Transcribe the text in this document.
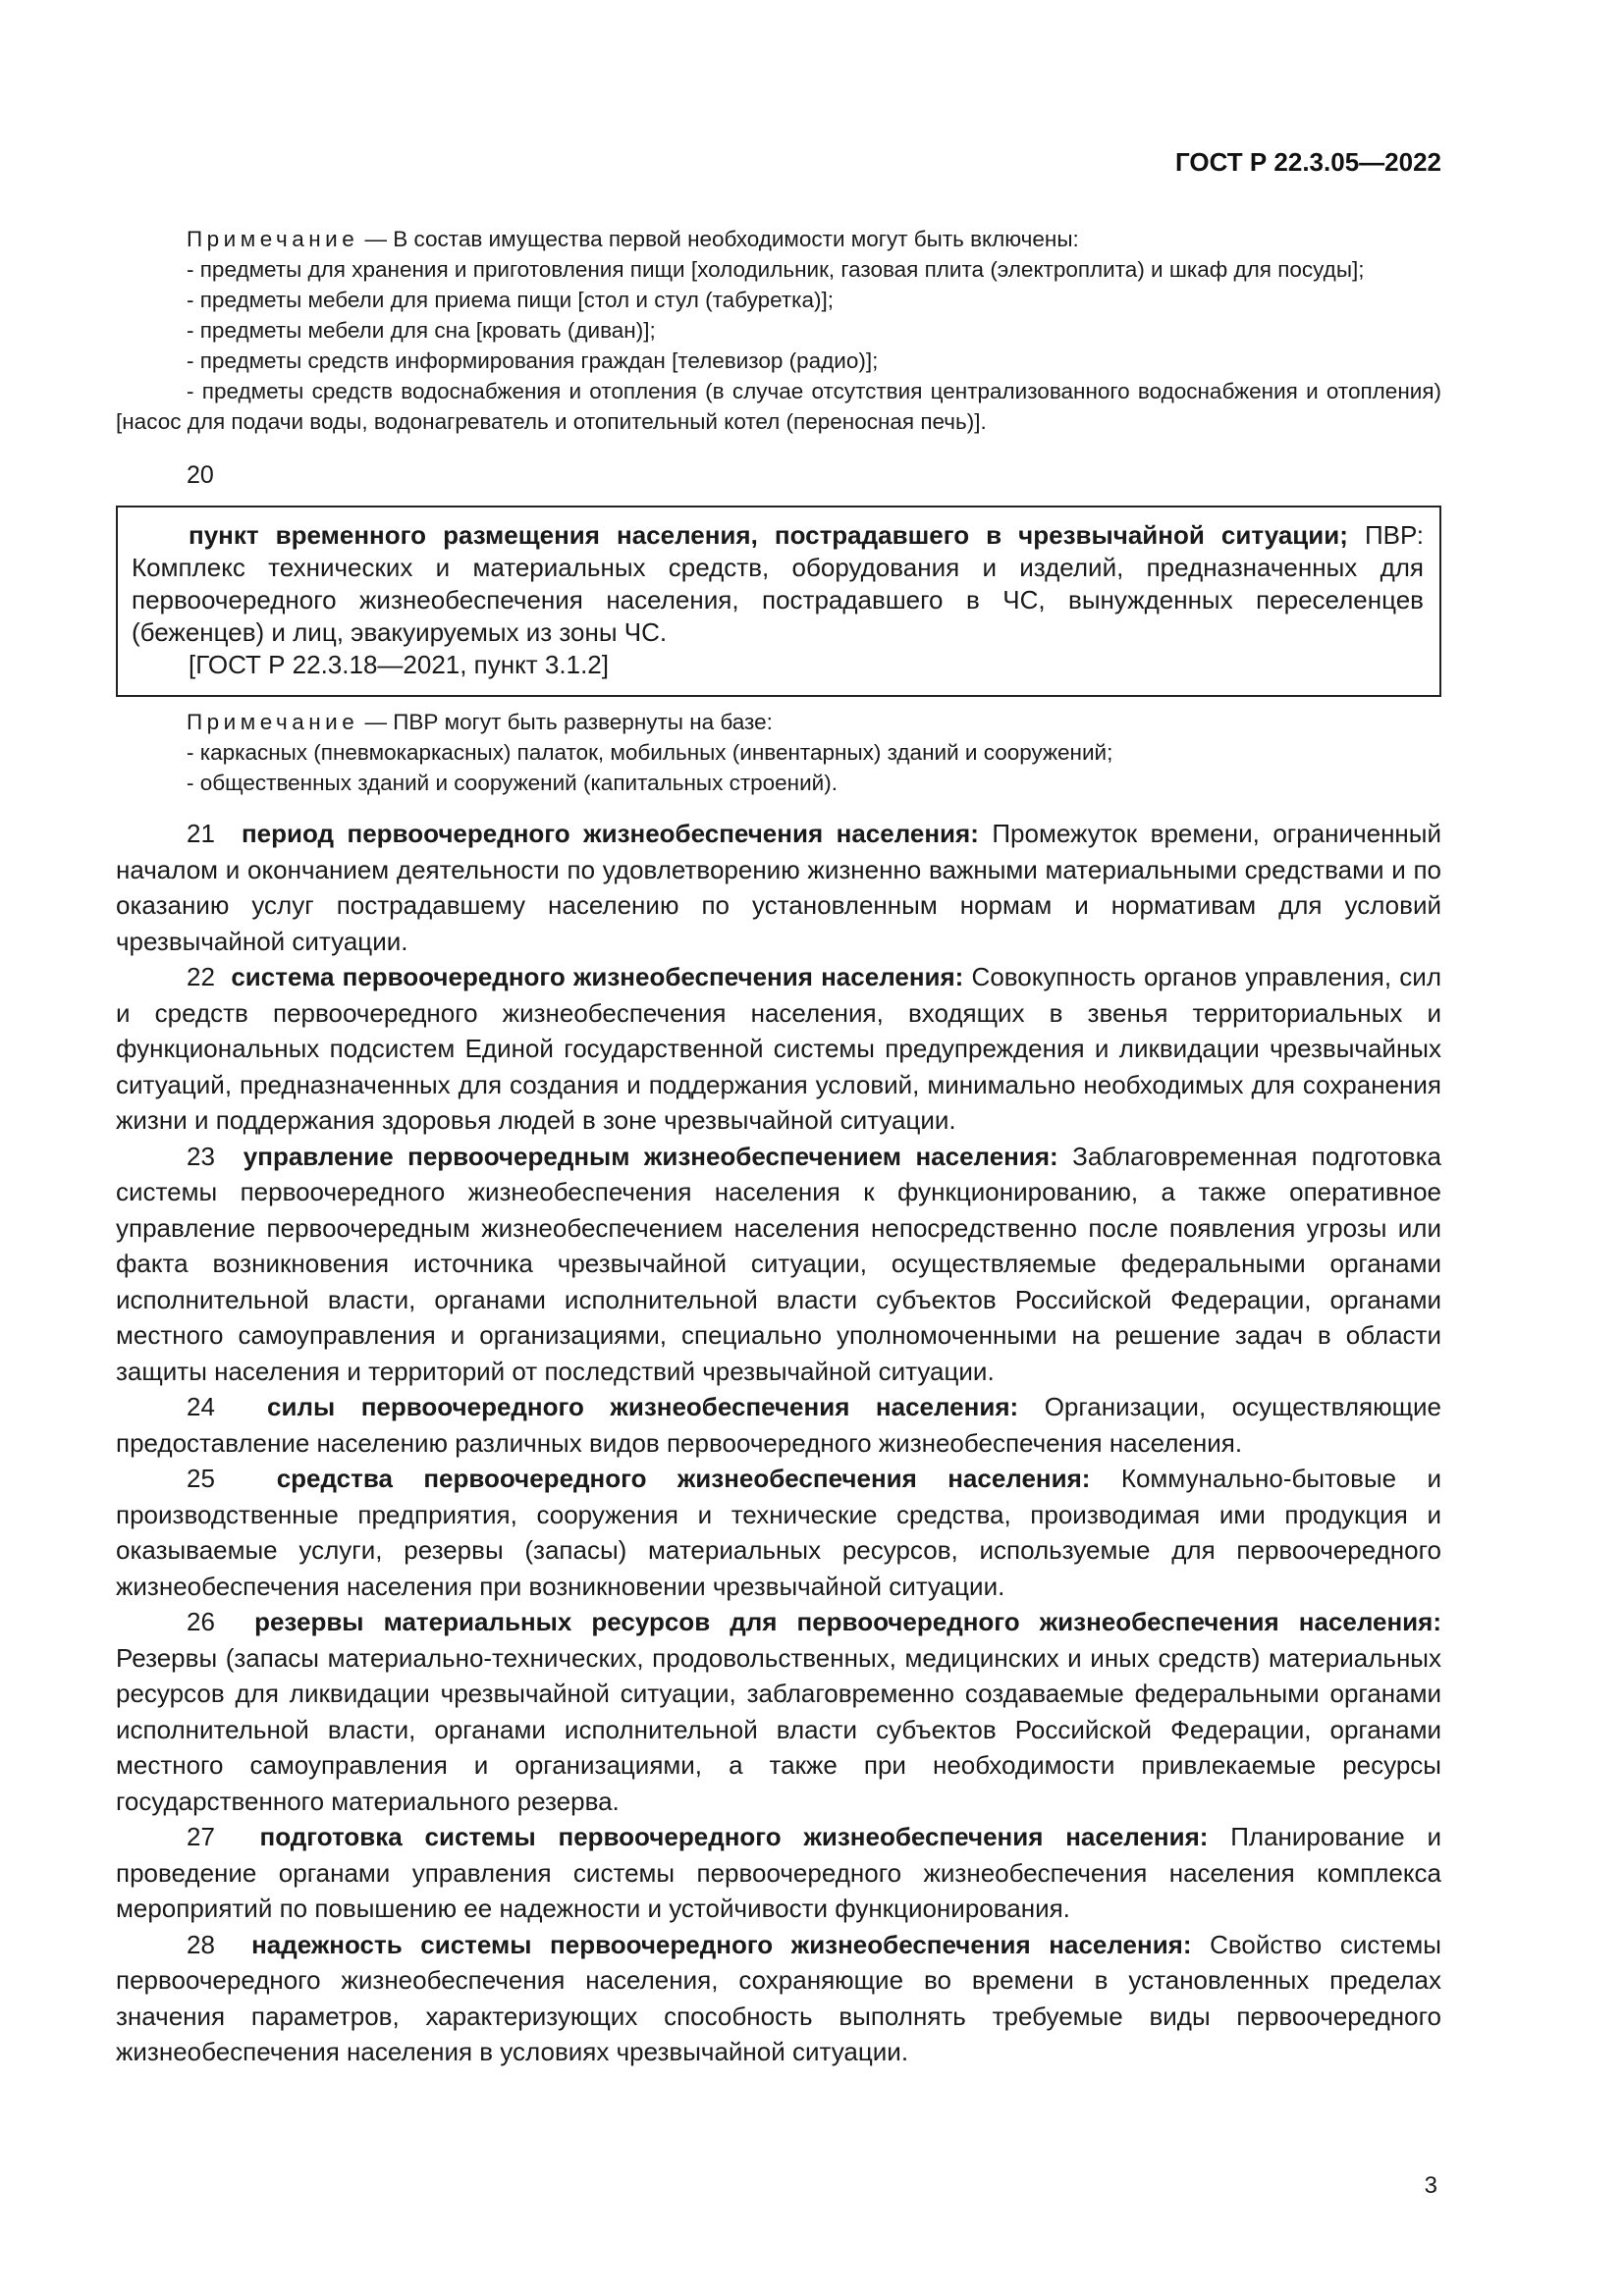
ГОСТ Р 22.3.05—2022

Примечание — В состав имущества первой необходимости могут быть включены:

- предметы для хранения и приготовления пищи [холодильник, газовая плита (электроплита) и шкаф для посуды];

- предметы мебели для приема пищи [стол и стул (табуретка)];

- предметы мебели для сна [кровать (диван)];

- предметы средств информирования граждан [телевизор (радио)];

- предметы средств водоснабжения и отопления (в случае отсутствия централизованного водоснабжения и отопления) [насос для подачи воды, водонагреватель и отопительный котел (переносная печь)].

20

пункт временного размещения населения, пострадавшего в чрезвычайной ситуации; ПВР: Комплекс технических и материальных средств, оборудования и изделий, предназначенных для первоочередного жизнеобеспечения населения, пострадавшего в ЧС, вынужденных переселенцев (беженцев) и лиц, эвакуируемых из зоны ЧС.

[ГОСТ Р 22.3.18—2021, пункт 3.1.2]

Примечание — ПВР могут быть развернуты на базе:

- каркасных (пневмокаркасных) палаток, мобильных (инвентарных) зданий и сооружений;

- общественных зданий и сооружений (капитальных строений).

21 период первоочередного жизнеобеспечения населения: Промежуток времени, ограниченный началом и окончанием деятельности по удовлетворению жизненно важными материальными средствами и по оказанию услуг пострадавшему населению по установленным нормам и нормативам для условий чрезвычайной ситуации.

22 система первоочередного жизнеобеспечения населения: Совокупность органов управления, сил и средств первоочередного жизнеобеспечения населения, входящих в звенья территориальных и функциональных подсистем Единой государственной системы предупреждения и ликвидации чрезвычайных ситуаций, предназначенных для создания и поддержания условий, минимально необходимых для сохранения жизни и поддержания здоровья людей в зоне чрезвычайной ситуации.

23 управление первоочередным жизнеобеспечением населения: Заблаговременная подготовка системы первоочередного жизнеобеспечения населения к функционированию, а также оперативное управление первоочередным жизнеобеспечением населения непосредственно после появления угрозы или факта возникновения источника чрезвычайной ситуации, осуществляемые федеральными органами исполнительной власти, органами исполнительной власти субъектов Российской Федерации, органами местного самоуправления и организациями, специально уполномоченными на решение задач в области защиты населения и территорий от последствий чрезвычайной ситуации.

24 силы первоочередного жизнеобеспечения населения: Организации, осуществляющие предоставление населению различных видов первоочередного жизнеобеспечения населения.

25 средства первоочередного жизнеобеспечения населения: Коммунально-бытовые и производственные предприятия, сооружения и технические средства, производимая ими продукция и оказываемые услуги, резервы (запасы) материальных ресурсов, используемые для первоочередного жизнеобеспечения населения при возникновении чрезвычайной ситуации.

26 резервы материальных ресурсов для первоочередного жизнеобеспечения населения: Резервы (запасы материально-технических, продовольственных, медицинских и иных средств) материальных ресурсов для ликвидации чрезвычайной ситуации, заблаговременно создаваемые федеральными органами исполнительной власти, органами исполнительной власти субъектов Российской Федерации, органами местного самоуправления и организациями, а также при необходимости привлекаемые ресурсы государственного материального резерва.

27 подготовка системы первоочередного жизнеобеспечения населения: Планирование и проведение органами управления системы первоочередного жизнеобеспечения населения комплекса мероприятий по повышению ее надежности и устойчивости функционирования.

28 надежность системы первоочередного жизнеобеспечения населения: Свойство системы первоочередного жизнеобеспечения населения, сохраняющие во времени в установленных пределах значения параметров, характеризующих способность выполнять требуемые виды первоочередного жизнеобеспечения населения в условиях чрезвычайной ситуации.

3
